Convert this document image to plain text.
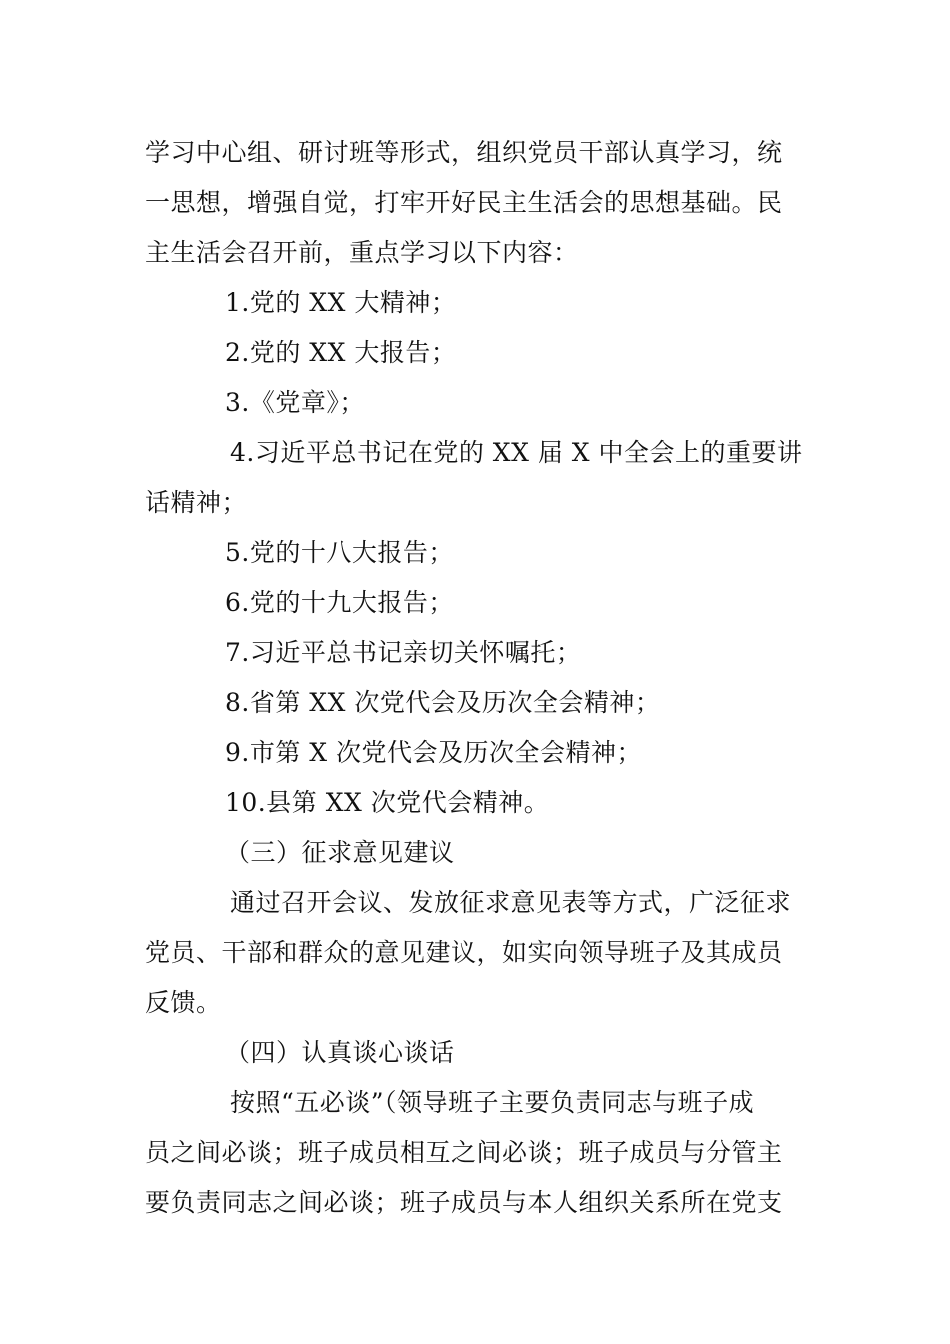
学习中心组、研讨班等形式，组织党员干部认真学习，统
一思想，增强自觉，打牢开好民主生活会的思想基础。民
主生活会召开前，重点学习以下内容：
1.党的 XX 大精神；
2.党的 XX 大报告；
3.《党章》；
4.习近平总书记在党的 XX 届 X 中全会上的重要讲
话精神；
5.党的十八大报告；
6.党的十九大报告；
7.习近平总书记亲切关怀嘱托；
8.省第 XX 次党代会及历次全会精神；
9.市第 X 次党代会及历次全会精神；
10.县第 XX 次党代会精神。
（三）征求意见建议
通过召开会议、发放征求意见表等方式，广泛征求
党员、干部和群众的意见建议，如实向领导班子及其成员
反馈。
（四）认真谈心谈话
按照“五必谈”（领导班子主要负责同志与班子成
员之间必谈；班子成员相互之间必谈；班子成员与分管主
要负责同志之间必谈；班子成员与本人组织关系所在党支
